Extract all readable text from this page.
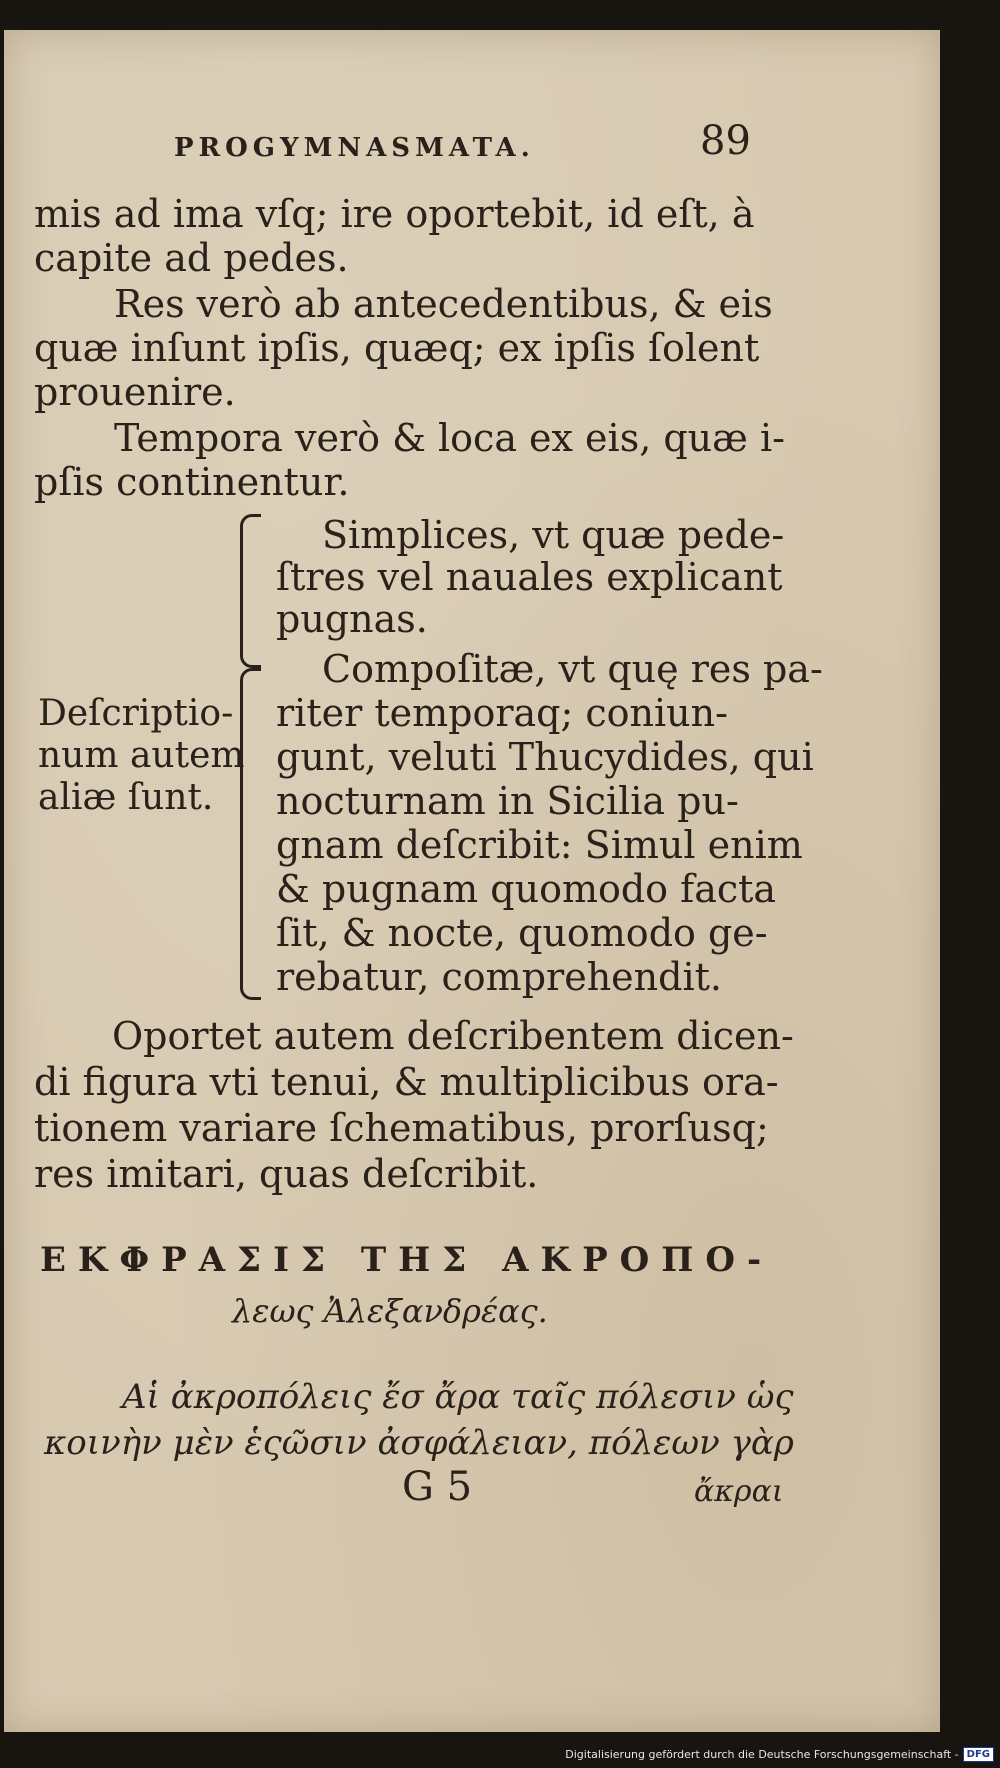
PROGYMNASMATA.	89
mis ad ima vſq; ire oportebit, id eſt, à
capite ad pedes.
Res verò ab antecedentibus, & eis
quæ inſunt ipſis, quæq; ex ipſis ſolent
prouenire.
Tempora verò & loca ex eis, quæ i-
pſis continentur.
Simplices, vt quæ pede-
ſtres vel nauales explicant
pugnas.
Compoſitæ, vt quę res pa-
riter temporaq; coniun-
gunt, veluti Thucydides, qui
nocturnam in Sicilia pu-
gnam deſcribit: Simul enim
& pugnam quomodo facta
ſit, & nocte, quomodo ge-
rebatur, comprehendit.
Deſcriptio-
num autem
aliæ ſunt.
Oportet autem deſcribentem dicen-
di figura vti tenui, & multiplicibus ora-
tionem variare ſchematibus, prorſusq;
res imitari, quas deſcribit.
ΕΚΦΡΑΣΙΣ ΤΗΣ ΑΚΡΟΠΟ-
λεως Ἀλεξανδρέας.
Αἱ ἀκροπόλεις ἔσ ἄρα ταῖς πόλεσιν ὡς
κοινὴν μὲν ἑςῶσιν ἀσφάλειαν, πόλεων γὰρ
G 5	ἄκραι
Digitalisierung gefördert durch die Deutsche Forschungsgemeinschaft - DFG
